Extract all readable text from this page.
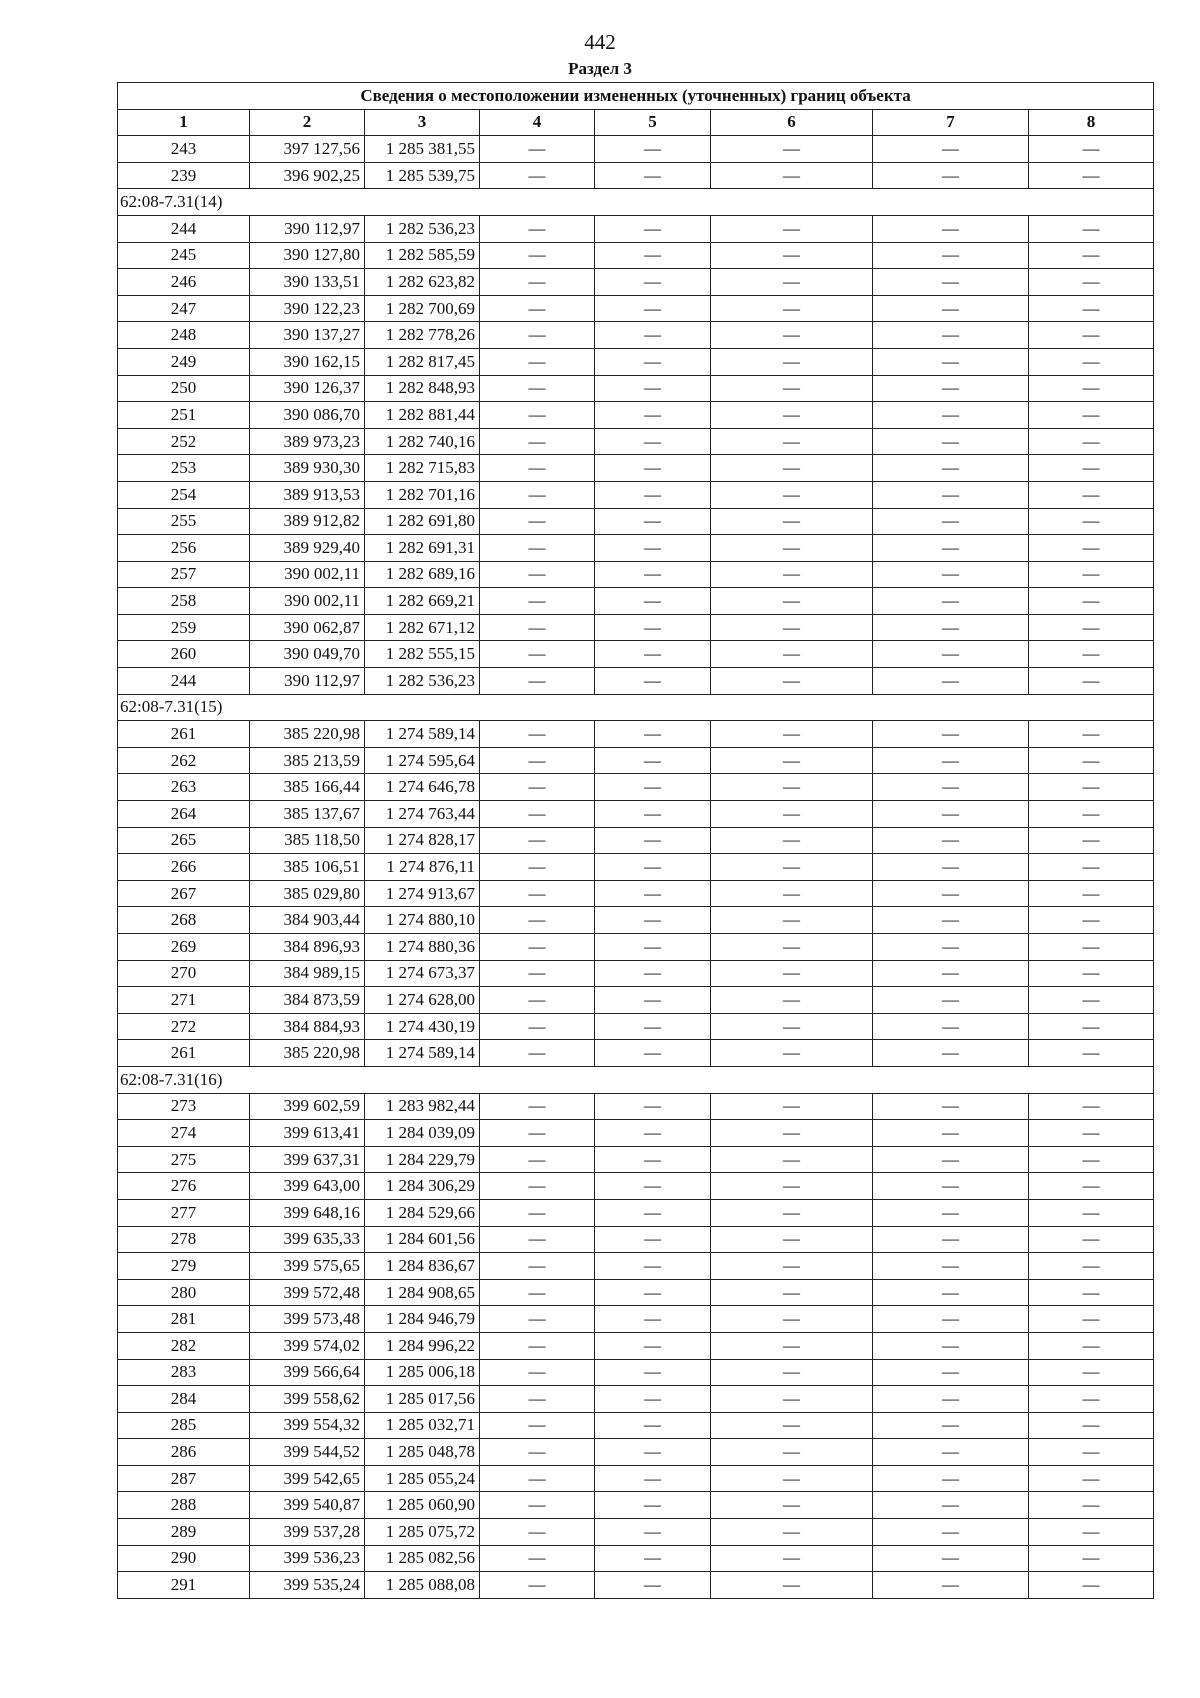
442
Раздел 3
Сведения о местоположении измененных (уточненных) границ объекта							
1	2	3	4	5	6	7	8
243	397 127,56	1 285 381,55	—	—	—	—	—
239	396 902,25	1 285 539,75	—	—	—	—	—
62:08-7.31(14)							
244	390 112,97	1 282 536,23	—	—	—	—	—
245	390 127,80	1 282 585,59	—	—	—	—	—
246	390 133,51	1 282 623,82	—	—	—	—	—
247	390 122,23	1 282 700,69	—	—	—	—	—
248	390 137,27	1 282 778,26	—	—	—	—	—
249	390 162,15	1 282 817,45	—	—	—	—	—
250	390 126,37	1 282 848,93	—	—	—	—	—
251	390 086,70	1 282 881,44	—	—	—	—	—
252	389 973,23	1 282 740,16	—	—	—	—	—
253	389 930,30	1 282 715,83	—	—	—	—	—
254	389 913,53	1 282 701,16	—	—	—	—	—
255	389 912,82	1 282 691,80	—	—	—	—	—
256	389 929,40	1 282 691,31	—	—	—	—	—
257	390 002,11	1 282 689,16	—	—	—	—	—
258	390 002,11	1 282 669,21	—	—	—	—	—
259	390 062,87	1 282 671,12	—	—	—	—	—
260	390 049,70	1 282 555,15	—	—	—	—	—
244	390 112,97	1 282 536,23	—	—	—	—	—
62:08-7.31(15)							
261	385 220,98	1 274 589,14	—	—	—	—	—
262	385 213,59	1 274 595,64	—	—	—	—	—
263	385 166,44	1 274 646,78	—	—	—	—	—
264	385 137,67	1 274 763,44	—	—	—	—	—
265	385 118,50	1 274 828,17	—	—	—	—	—
266	385 106,51	1 274 876,11	—	—	—	—	—
267	385 029,80	1 274 913,67	—	—	—	—	—
268	384 903,44	1 274 880,10	—	—	—	—	—
269	384 896,93	1 274 880,36	—	—	—	—	—
270	384 989,15	1 274 673,37	—	—	—	—	—
271	384 873,59	1 274 628,00	—	—	—	—	—
272	384 884,93	1 274 430,19	—	—	—	—	—
261	385 220,98	1 274 589,14	—	—	—	—	—
62:08-7.31(16)							
273	399 602,59	1 283 982,44	—	—	—	—	—
274	399 613,41	1 284 039,09	—	—	—	—	—
275	399 637,31	1 284 229,79	—	—	—	—	—
276	399 643,00	1 284 306,29	—	—	—	—	—
277	399 648,16	1 284 529,66	—	—	—	—	—
278	399 635,33	1 284 601,56	—	—	—	—	—
279	399 575,65	1 284 836,67	—	—	—	—	—
280	399 572,48	1 284 908,65	—	—	—	—	—
281	399 573,48	1 284 946,79	—	—	—	—	—
282	399 574,02	1 284 996,22	—	—	—	—	—
283	399 566,64	1 285 006,18	—	—	—	—	—
284	399 558,62	1 285 017,56	—	—	—	—	—
285	399 554,32	1 285 032,71	—	—	—	—	—
286	399 544,52	1 285 048,78	—	—	—	—	—
287	399 542,65	1 285 055,24	—	—	—	—	—
288	399 540,87	1 285 060,90	—	—	—	—	—
289	399 537,28	1 285 075,72	—	—	—	—	—
290	399 536,23	1 285 082,56	—	—	—	—	—
291	399 535,24	1 285 088,08	—	—	—	—	—
